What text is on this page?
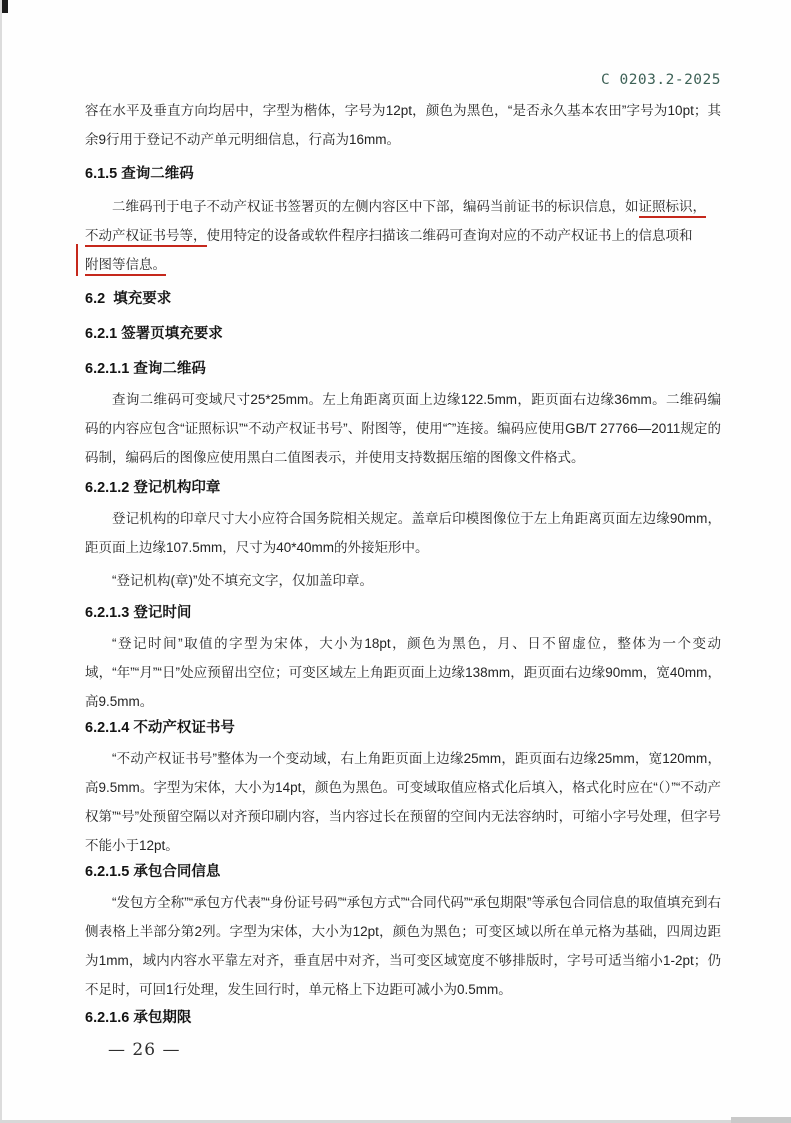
C 0203.2-2025
容在水平及垂直方向均居中，字型为楷体，字号为12pt，颜色为黑色，“是否永久基本农田”字号为10pt；其余9行用于登记不动产单元明细信息，行高为16mm。
6.1.5 查询二维码
二维码刊于电子不动产权证书签署页的左侧内容区中下部，编码当前证书的标识信息，如证照标识，
不动产权证书号等，使用特定的设备或软件程序扫描该二维码可查询对应的不动产权证书上的信息项和
附图等信息。
6.2  填充要求
6.2.1 签署页填充要求
6.2.1.1 查询二维码
查询二维码可变域尺寸25*25mm。左上角距离页面上边缘122.5mm，距页面右边缘36mm。二维码编码的内容应包含“证照标识”“不动产权证书号”、附图等，使用“ˆ”连接。编码应使用GB/T 27766—2011规定的码制，编码后的图像应使用黑白二值图表示，并使用支持数据压缩的图像文件格式。
6.2.1.2 登记机构印章
登记机构的印章尺寸大小应符合国务院相关规定。盖章后印模图像位于左上角距离页面左边缘90mm，距页面上边缘107.5mm，尺寸为40*40mm的外接矩形中。
“登记机构(章)”处不填充文字，仅加盖印章。
6.2.1.3 登记时间
“登记时间”取值的字型为宋体，大小为18pt，颜色为黑色，月、日不留虚位，整体为一个变动域，“年”“月”“日”处应预留出空位；可变区域左上角距页面上边缘138mm，距页面右边缘90mm，宽40mm，高9.5mm。
6.2.1.4 不动产权证书号
“不动产权证书号”整体为一个变动域，右上角距页面上边缘25mm，距页面右边缘25mm，宽120mm，高9.5mm。字型为宋体，大小为14pt，颜色为黑色。可变域取值应格式化后填入，格式化时应在“（）”“不动产权第”“号”处预留空隔以对齐预印刷内容，当内容过长在预留的空间内无法容纳时，可缩小字号处理，但字号不能小于12pt。
6.2.1.5 承包合同信息
“发包方全称”“承包方代表”“身份证号码”“承包方式”“合同代码”“承包期限”等承包合同信息的取值填充到右侧表格上半部分第2列。字型为宋体，大小为12pt，颜色为黑色；可变区域以所在单元格为基础，四周边距为1mm，域内内容水平靠左对齐，垂直居中对齐，当可变区域宽度不够排版时，字号可适当缩小1-2pt；仍不足时，可回1行处理，发生回行时，单元格上下边距可减小为0.5mm。
6.2.1.6 承包期限
— 26 —
